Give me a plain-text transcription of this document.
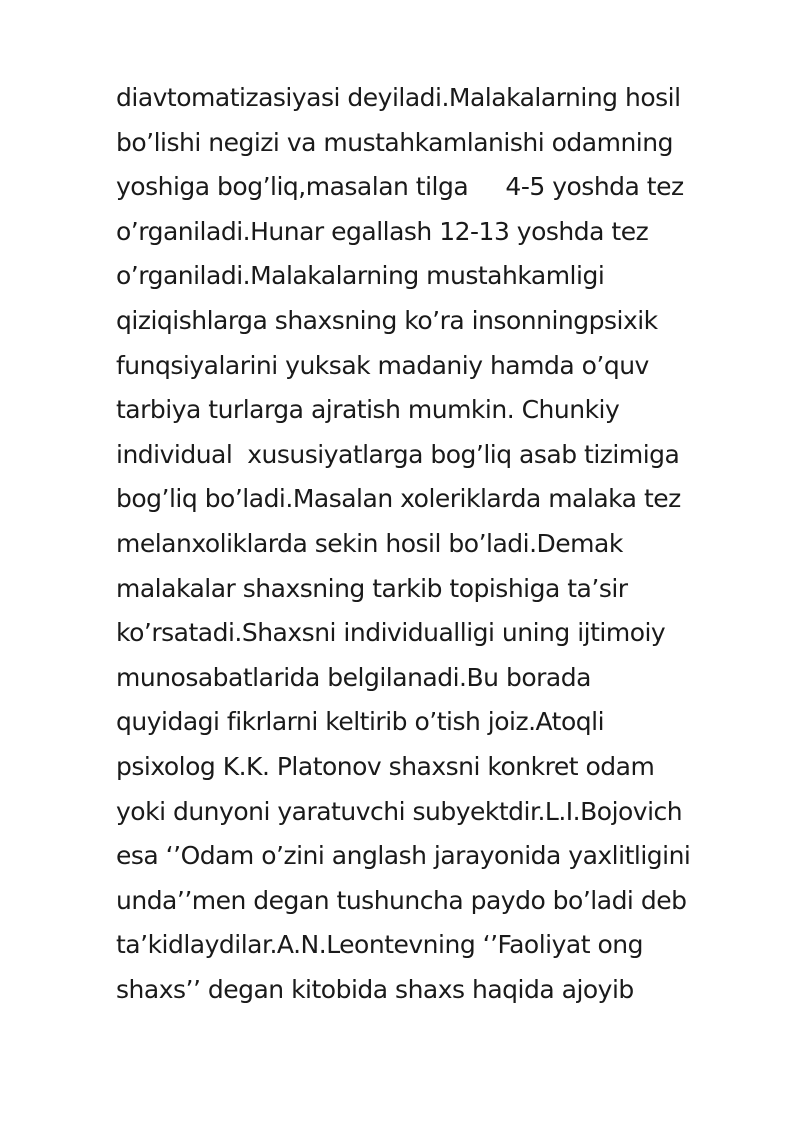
diavtomatizasiyasi deyiladi.Malakalarning hosil
bo’lishi negizi va mustahkamlanishi odamning
yoshiga bog’liq,masalan tilga     4-5 yoshda tez
o’rganiladi.Hunar egallash 12-13 yoshda tez
o’rganiladi.Malakalarning mustahkamligi
qiziqishlarga shaxsning ko’ra insonningpsixik
funqsiyalarini yuksak madaniy hamda o’quv
tarbiya turlarga ajratish mumkin. Chunkiy
individual  xususiyatlarga bog’liq asab tizimiga
bog’liq bo’ladi.Masalan xoleriklarda malaka tez
melanxoliklarda sekin hosil bo’ladi.Demak
malakalar shaxsning tarkib topishiga ta’sir
ko’rsatadi.Shaxsni individualligi uning ijtimoiy
munosabatlarida belgilanadi.Bu borada
quyidagi fikrlarni keltirib o’tish joiz.Atoqli
psixolog K.K. Platonov shaxsni konkret odam
yoki dunyoni yaratuvchi subyektdir.L.I.Bojovich
esa ‘’Odam o’zini anglash jarayonida yaxlitligini
unda’’men degan tushuncha paydo bo’ladi deb
ta’kidlaydilar.A.N.Leontevning ‘’Faoliyat ong
shaxs’’ degan kitobida shaxs haqida ajoyib
